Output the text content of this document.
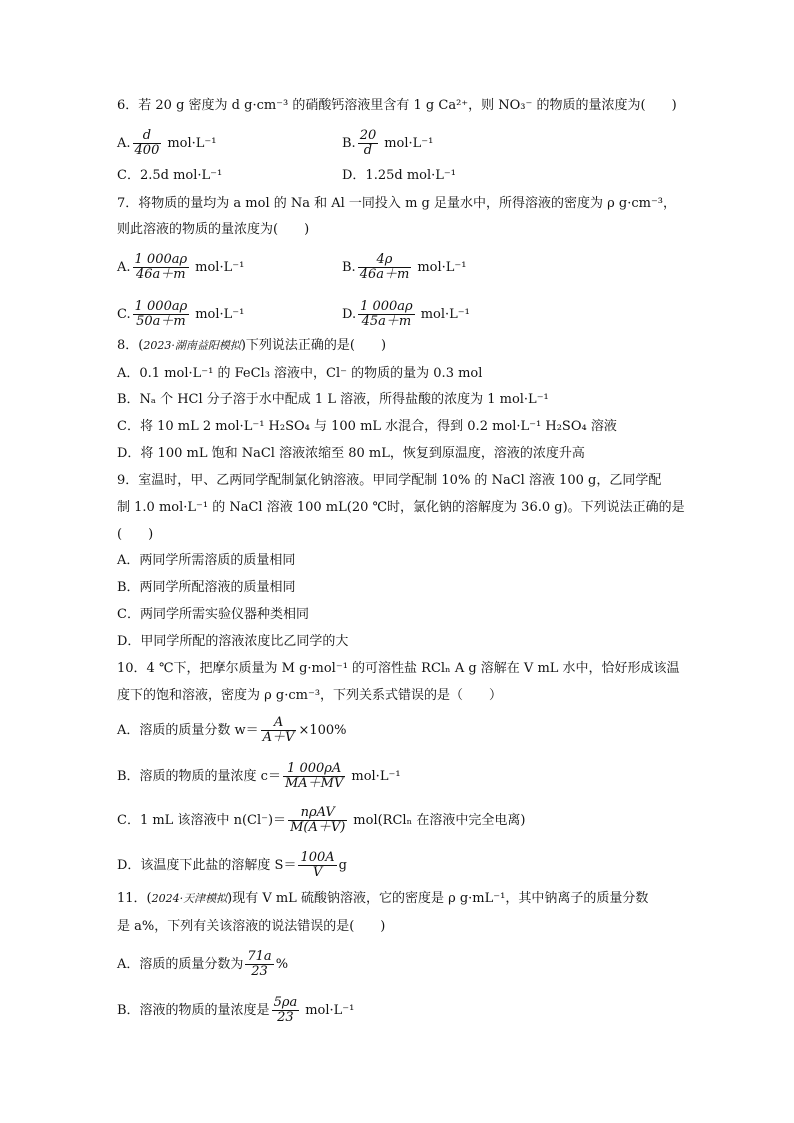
6．若 20 g 密度为 d g·cm⁻³ 的硝酸钙溶液里含有 1 g Ca²⁺，则 NO₃⁻ 的物质的量浓度为(　　)
A. $\frac{d}{400} mol\cdot L^{-1}$	B. $\frac{20}{d} mol\cdot L^{-1}$
C．2.5d mol·L⁻¹	D．1.25d mol·L⁻¹
7．将物质的量均为 a mol 的 Na 和 Al 一同投入 m g 足量水中，所得溶液的密度为 ρ g·cm⁻³，
则此溶液的物质的量浓度为(　　)
A. $\frac{1 000a\rho}{46a+m} mol\cdot L^{-1}$	B. $\frac{4\rho}{46a+m} mol\cdot L^{-1}$
C. $\frac{1 000a\rho}{50a+m} mol\cdot L^{-1}$	D. $\frac{1 000a\rho}{45a+m} mol\cdot L^{-1}$
8．(2023·湖南益阳模拟)下列说法正确的是(　　)
A．0.1 mol·L⁻¹ 的 FeCl₃ 溶液中，Cl⁻ 的物质的量为 0.3 mol
B．Nₐ 个 HCl 分子溶于水中配成 1 L 溶液，所得盐酸的浓度为 1 mol·L⁻¹
C．将 10 mL 2 mol·L⁻¹ H₂SO₄ 与 100 mL 水混合，得到 0.2 mol·L⁻¹ H₂SO₄ 溶液
D．将 100 mL 饱和 NaCl 溶液浓缩至 80 mL，恢复到原温度，溶液的浓度升高
9．室温时，甲、乙两同学配制氯化钠溶液。甲同学配制 10% 的 NaCl 溶液 100 g，乙同学配
制 1.0 mol·L⁻¹ 的 NaCl 溶液 100 mL(20 ℃时，氯化钠的溶解度为 36.0 g)。下列说法正确的是
(　　)
A．两同学所需溶质的质量相同
B．两同学所配溶液的质量相同
C．两同学所需实验仪器种类相同
D．甲同学所配的溶液浓度比乙同学的大
10．4 ℃下，把摩尔质量为 M g·mol⁻¹ 的可溶性盐 RClₙ A g 溶解在 V mL 水中，恰好形成该温
度下的饱和溶液，密度为 ρ g·cm⁻³，下列关系式错误的是（　　）
A．溶质的质量分数 $w= \frac{A}{A+V} \times 100\%$
B．溶质的物质的量浓度 $c= \frac{1 000\rho A}{MA+MV} mol\cdot L^{-1}$
C．1 mL 该溶液中 $n(Cl^-)= \frac{\text{nρAV}}{M(A+V)} mol(RCl_n$ 在溶液中完全电离)
D．该温度下此盐的溶解度 $S= \frac{100A}{V}$ g
11．(2024·天津模拟)现有 V mL 硫酸钠溶液，它的密度是 ρ g·mL⁻¹，其中钠离子的质量分数
是 a%，下列有关该溶液的说法错误的是(　　)
A．溶质的质量分数为 $\frac{71a}{23}$ %
B．溶液的物质的量浓度是 $\frac{5\rho a}{23} mol\cdot L^{-1}$
